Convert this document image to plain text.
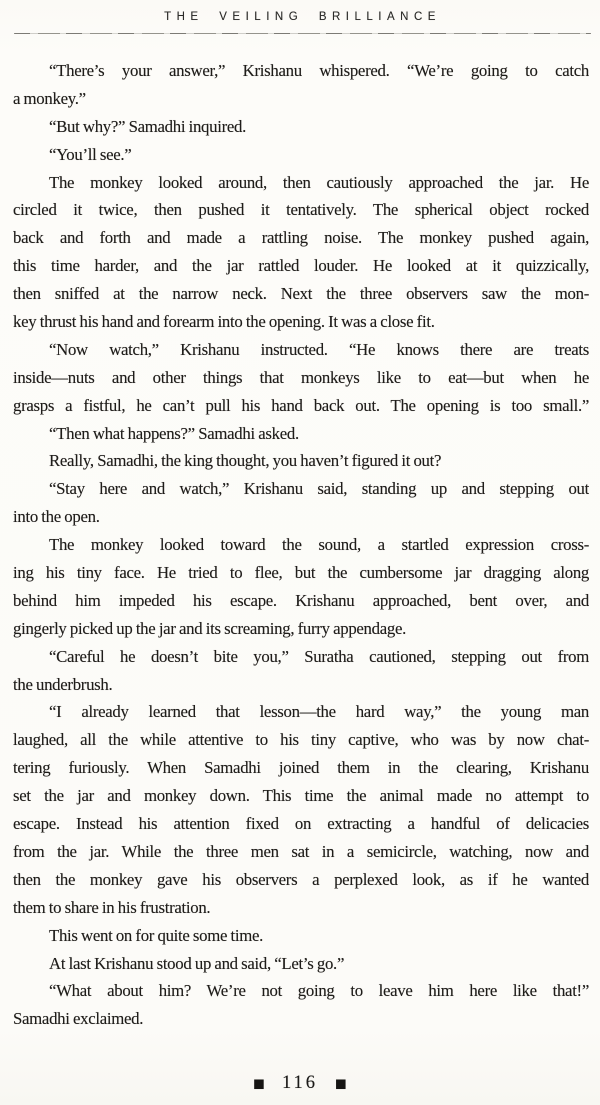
THE VEILING BRILLIANCE
“There’s your answer,” Krishanu whispered. “We’re going to catch
a monkey.”
“But why?” Samadhi inquired.
“You’ll see.”
The monkey looked around, then cautiously approached the jar. He
circled it twice, then pushed it tentatively. The spherical object rocked
back and forth and made a rattling noise. The monkey pushed again,
this time harder, and the jar rattled louder. He looked at it quizzically,
then sniffed at the narrow neck. Next the three observers saw the mon-
key thrust his hand and forearm into the opening. It was a close fit.
“Now watch,” Krishanu instructed. “He knows there are treats
inside—nuts and other things that monkeys like to eat—but when he
grasps a fistful, he can’t pull his hand back out. The opening is too small.”
“Then what happens?” Samadhi asked.
Really, Samadhi, the king thought, you haven’t figured it out?
“Stay here and watch,” Krishanu said, standing up and stepping out
into the open.
The monkey looked toward the sound, a startled expression cross-
ing his tiny face. He tried to flee, but the cumbersome jar dragging along
behind him impeded his escape. Krishanu approached, bent over, and
gingerly picked up the jar and its screaming, furry appendage.
“Careful he doesn’t bite you,” Suratha cautioned, stepping out from
the underbrush.
“I already learned that lesson—the hard way,” the young man
laughed, all the while attentive to his tiny captive, who was by now chat-
tering furiously. When Samadhi joined them in the clearing, Krishanu
set the jar and monkey down. This time the animal made no attempt to
escape. Instead his attention fixed on extracting a handful of delicacies
from the jar. While the three men sat in a semicircle, watching, now and
then the monkey gave his observers a perplexed look, as if he wanted
them to share in his frustration.
This went on for quite some time.
At last Krishanu stood up and said, “Let’s go.”
“What about him? We’re not going to leave him here like that!”
Samadhi exclaimed.
■ 116 ■
